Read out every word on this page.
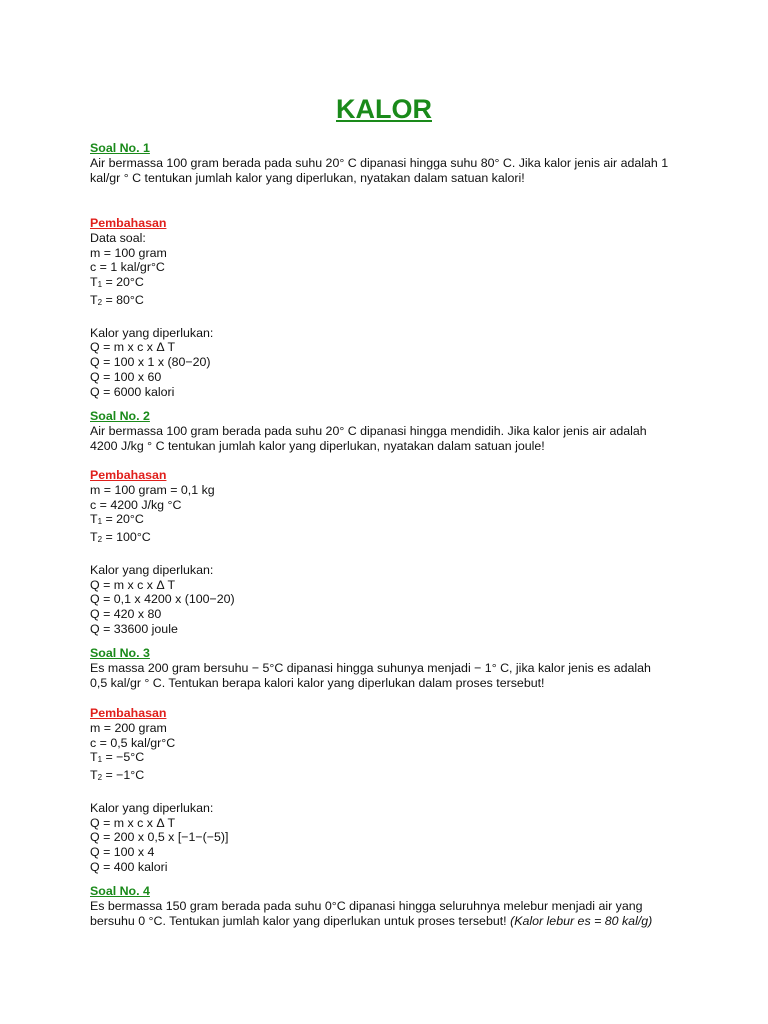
KALOR
Soal No. 1
Air bermassa 100 gram berada pada suhu 20° C dipanasi hingga suhu 80° C. Jika kalor jenis air adalah 1
kal/gr ° C tentukan jumlah kalor yang diperlukan, nyatakan dalam satuan kalori!
Pembahasan
Data soal:
m = 100 gram
c = 1 kal/gr°C
T1 = 20°C
T2 = 80°C

Kalor yang diperlukan:
Q = m x c x Δ T
Q = 100 x 1 x (80−20)
Q = 100 x 60
Q = 6000 kalori
Soal No. 2
Air bermassa 100 gram berada pada suhu 20° C dipanasi hingga mendidih. Jika kalor jenis air adalah
4200 J/kg ° C tentukan jumlah kalor yang diperlukan, nyatakan dalam satuan joule!
Pembahasan
m = 100 gram = 0,1 kg
c = 4200 J/kg °C
T1 = 20°C
T2 = 100°C

Kalor yang diperlukan:
Q = m x c x Δ T
Q = 0,1 x 4200 x (100−20)
Q = 420 x 80
Q = 33600 joule
Soal No. 3
Es massa 200 gram bersuhu − 5°C dipanasi hingga suhunya menjadi − 1° C, jika kalor jenis es adalah
0,5 kal/gr ° C. Tentukan berapa kalori kalor yang diperlukan dalam proses tersebut!
Pembahasan
m = 200 gram
c = 0,5 kal/gr°C
T1 = −5°C
T2 = −1°C

Kalor yang diperlukan:
Q = m x c x Δ T
Q = 200 x 0,5 x [−1−(−5)]
Q = 100 x 4
Q = 400 kalori
Soal No. 4
Es bermassa 150 gram berada pada suhu 0°C dipanasi hingga seluruhnya melebur menjadi air yang
bersuhu 0 °C. Tentukan jumlah kalor yang diperlukan untuk proses tersebut! (Kalor lebur es = 80 kal/g)
